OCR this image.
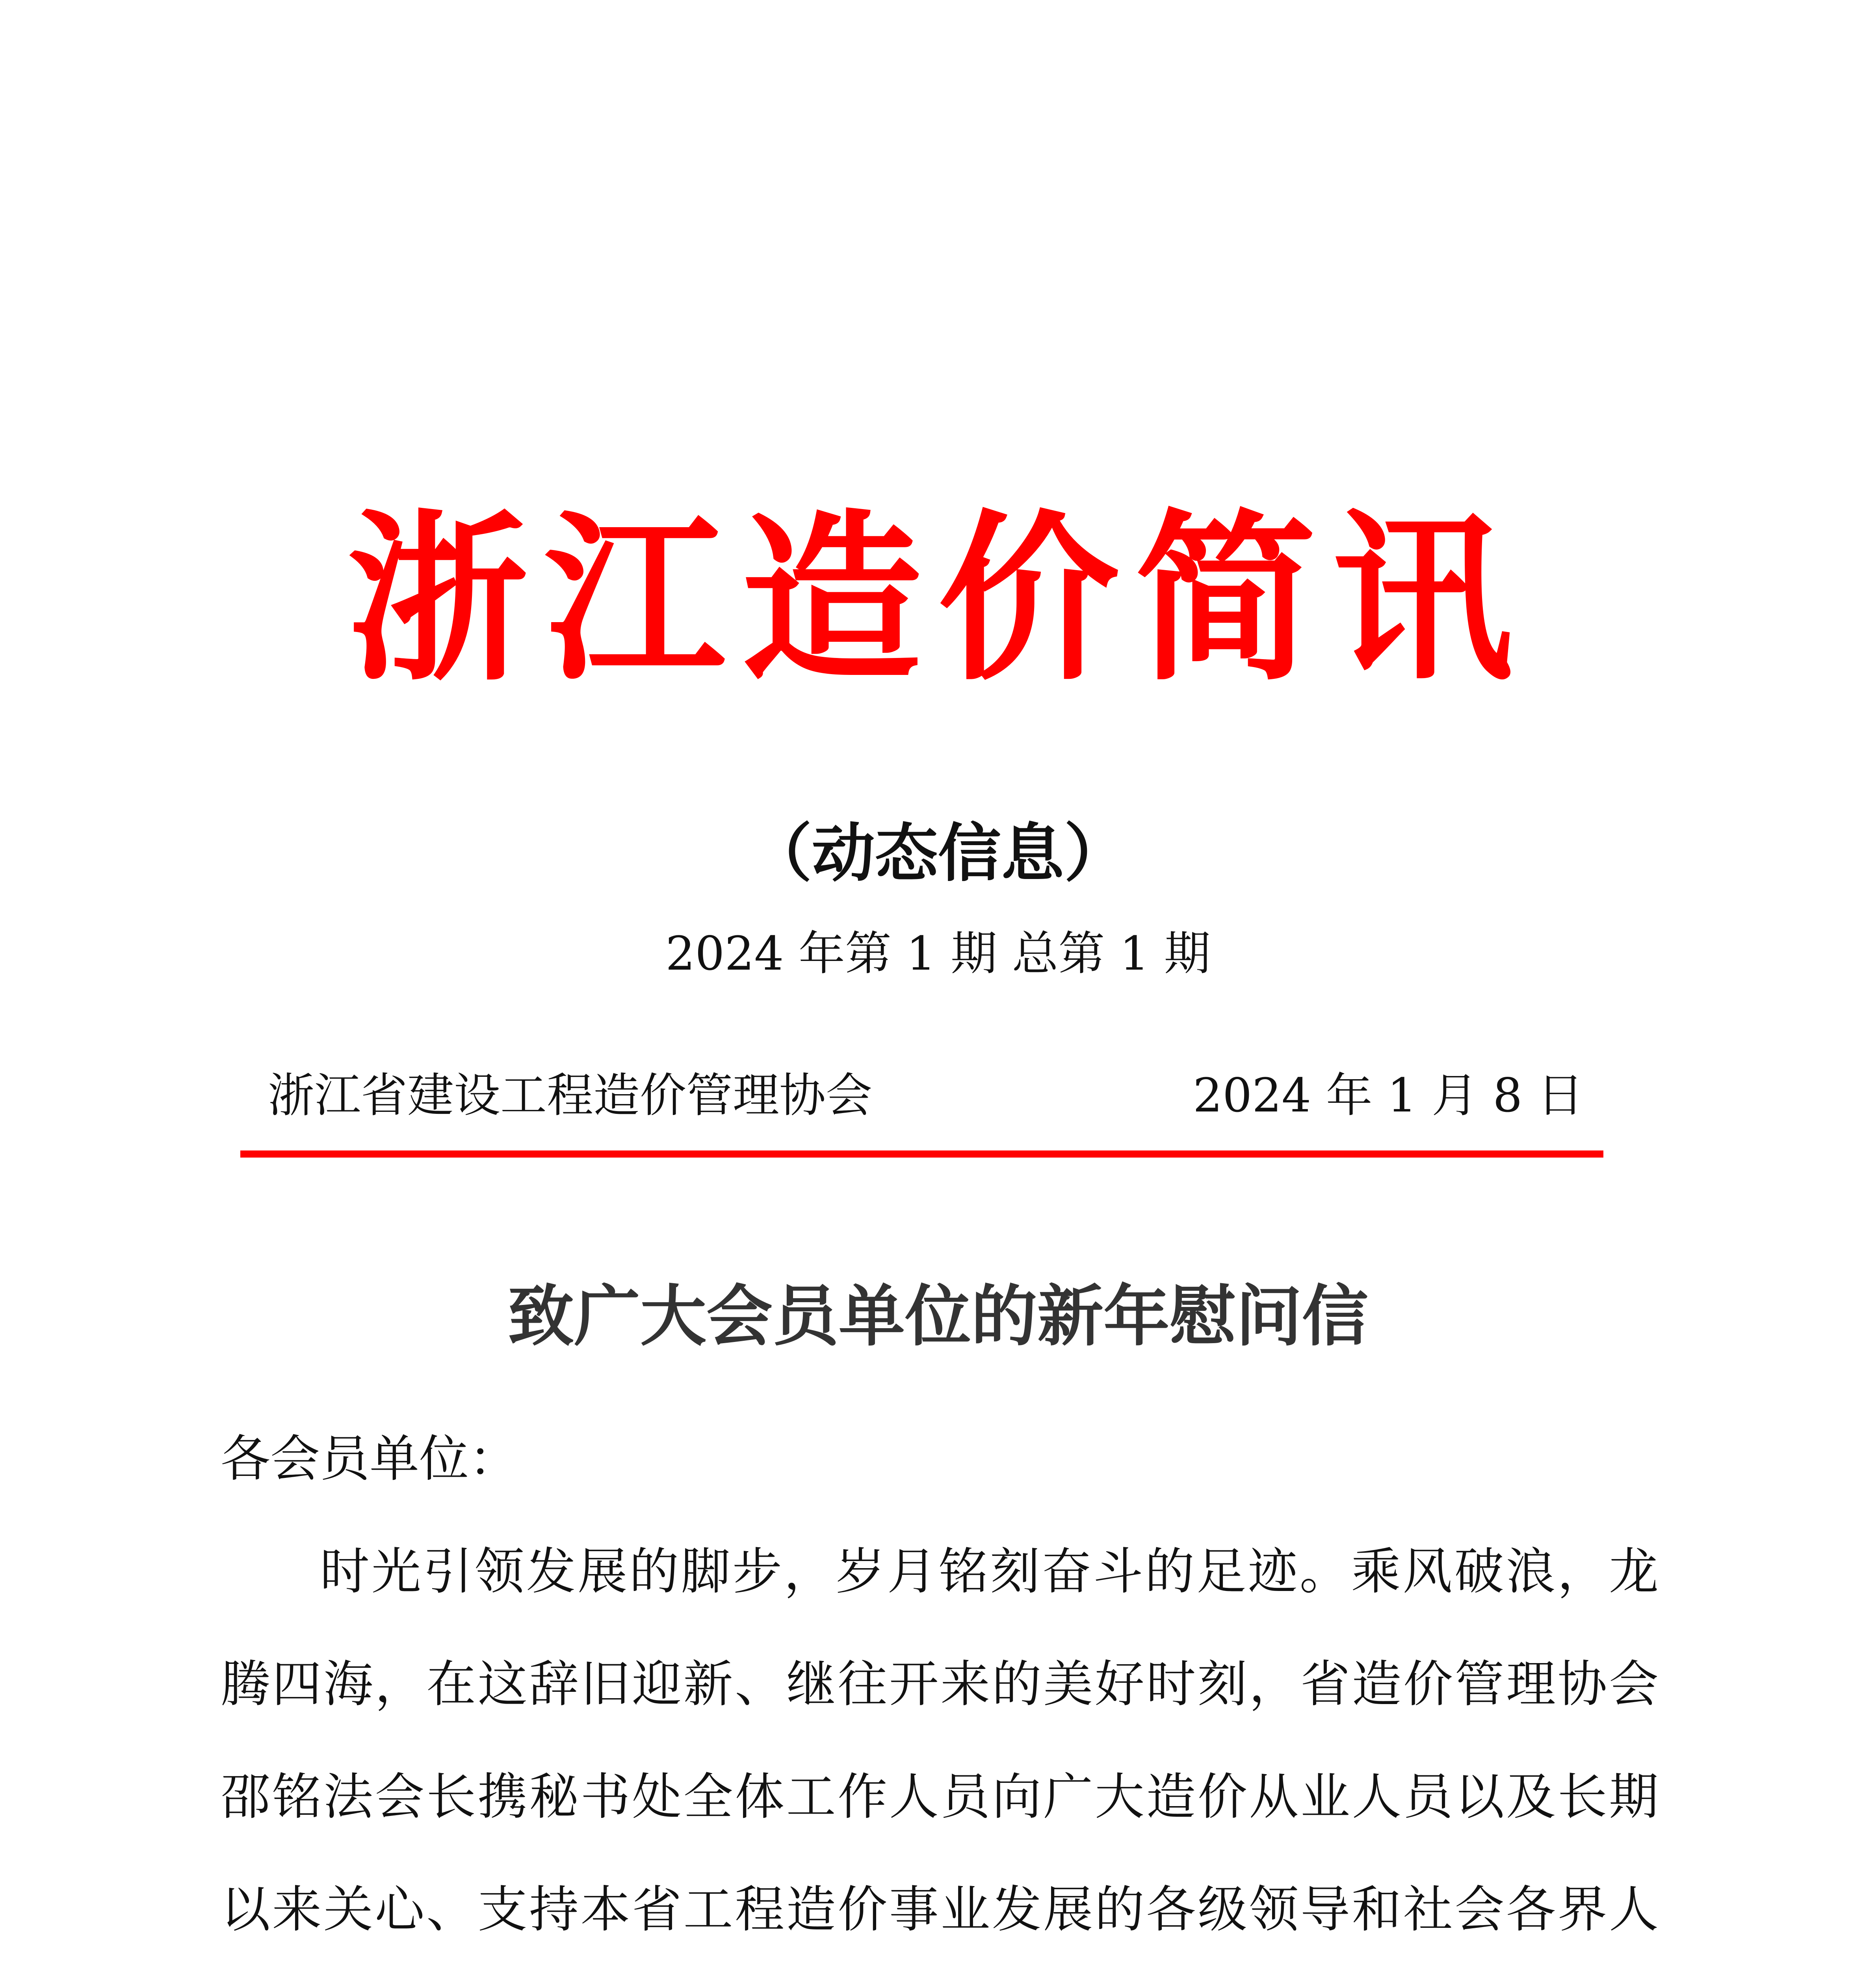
浙江造价简讯
（动态信息）
2024 年第 1 期 总第 1 期
浙江省建设工程造价管理协会	2024 年 1 月 8 日
致广大会员单位的新年慰问信

各会员单位：

时光引领发展的脚步，岁月铭刻奋斗的足迹。乘风破浪，龙腾四海，在这辞旧迎新、继往开来的美好时刻，省造价管理协会邵铭法会长携秘书处全体工作人员向广大造价从业人员以及长期以来关心、支持本省工程造价事业发展的各级领导和社会各界人
